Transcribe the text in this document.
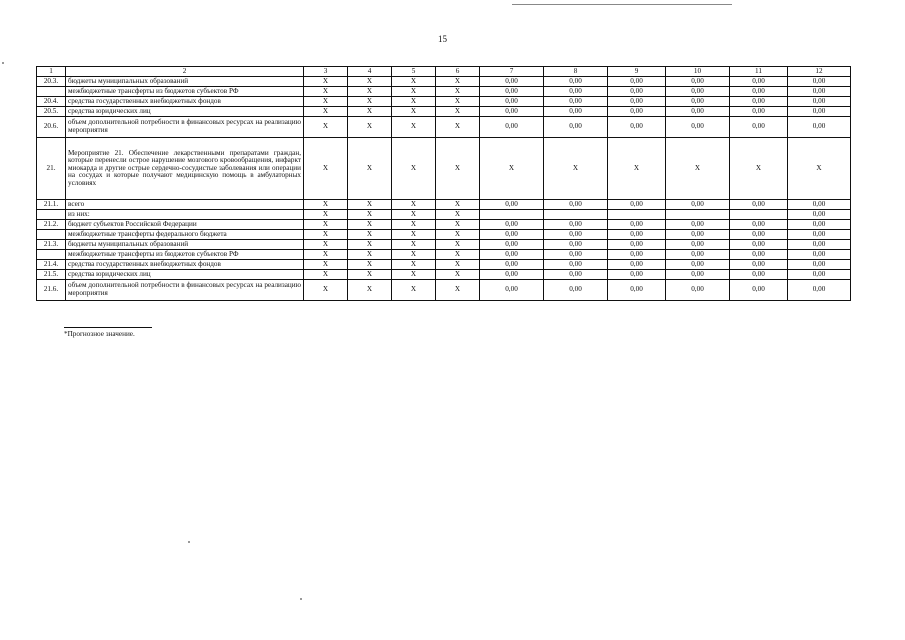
15
1	2	3	4	5	6	7	8	9	10	11	12
20.3.	бюджеты муниципальных образований	X	X	X	X	0,00	0,00	0,00	0,00	0,00	0,00
	межбюджетные трансферты из бюджетов субъектов РФ	X	X	X	X	0,00	0,00	0,00	0,00	0,00	0,00
20.4.	средства государственных внебюджетных фондов	X	X	X	X	0,00	0,00	0,00	0,00	0,00	0,00
20.5.	средства юридических лиц	X	X	X	X	0,00	0,00	0,00	0,00	0,00	0,00
20.6.	объем дополнительной потребности в финансовых ресурсах на реализацию мероприятия	X	X	X	X	0,00	0,00	0,00	0,00	0,00	0,00
21.	Мероприятие 21. Обеспечение лекарственными препаратами граждан, которые перенесли острое нарушение мозгового кровообращения, инфаркт миокарда и другие острые сердечно-сосудистые заболевания или операции на сосудах и которые получают медицинскую помощь в амбулаторных условиях	X	X	X	X	X	X	X	X	X	X
21.1.	всего	X	X	X	X	0,00	0,00	0,00	0,00	0,00	0,00
	из них:	X	X	X	X						0,00
21.2.	бюджет субъектов Российской Федерации	X	X	X	X	0,00	0,00	0,00	0,00	0,00	0,00
	межбюджетные трансферты федерального бюджета	X	X	X	X	0,00	0,00	0,00	0,00	0,00	0,00
21.3.	бюджеты муниципальных образований	X	X	X	X	0,00	0,00	0,00	0,00	0,00	0,00
	межбюджетные трансферты из бюджетов субъектов РФ	X	X	X	X	0,00	0,00	0,00	0,00	0,00	0,00
21.4.	средства государственных внебюджетных фондов	X	X	X	X	0,00	0,00	0,00	0,00	0,00	0,00
21.5.	средства юридических лиц	X	X	X	X	0,00	0,00	0,00	0,00	0,00	0,00
21.6.	объем дополнительной потребности в финансовых ресурсах на реализацию мероприятия	X	X	X	X	0,00	0,00	0,00	0,00	0,00	0,00
*Прогнозное значение.
